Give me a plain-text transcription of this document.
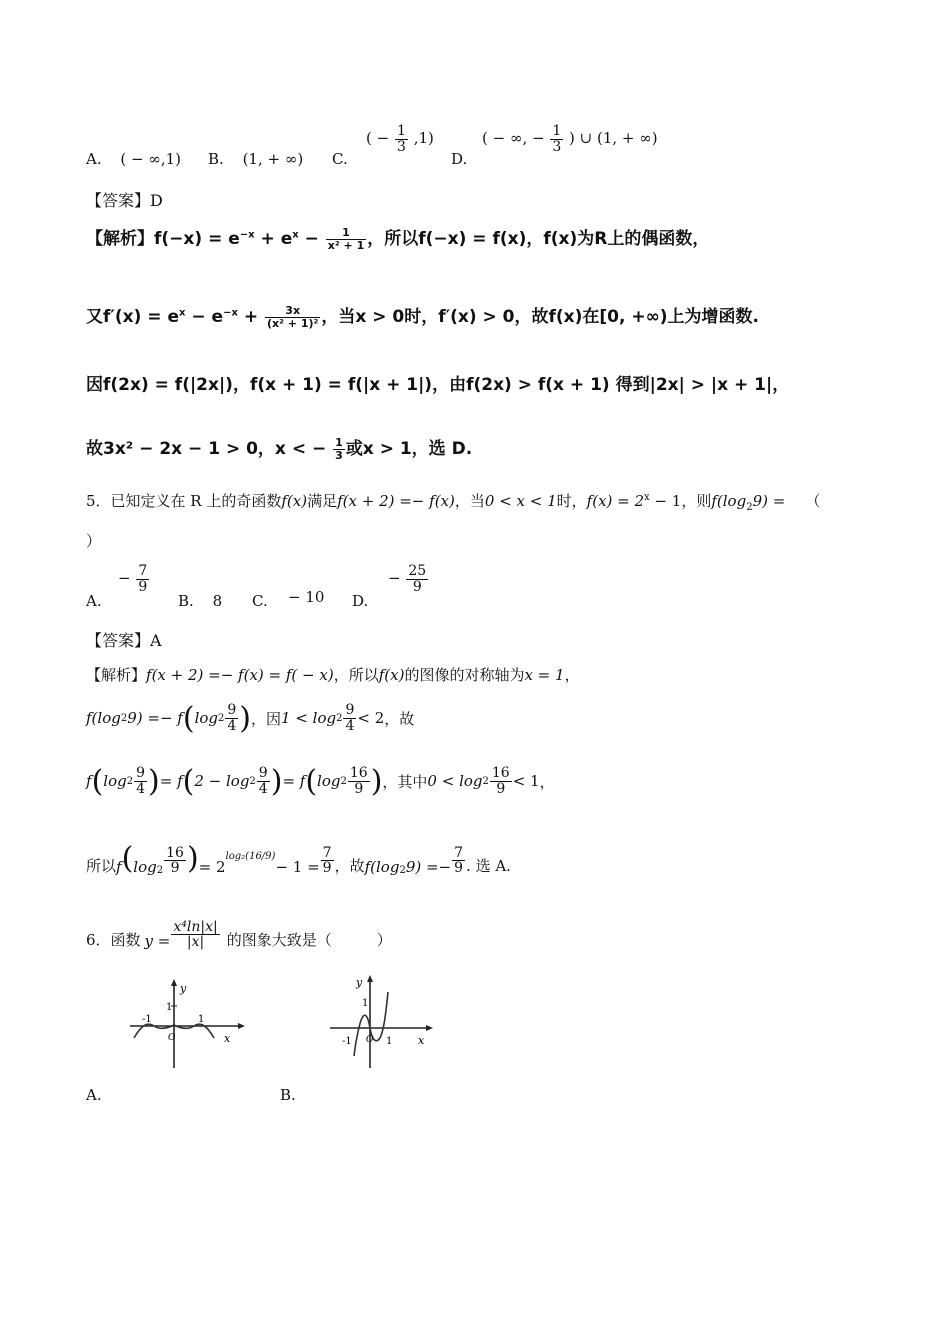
A. ( − ∞,1) B. (1, + ∞) C.
( − $\frac{1}{3} ,1$)
D.
( − ∞, − $\frac{1}{3}$ ) ∪ (1, + ∞)
【答案】D
【解析】$f(-x) = e^{-x} + e^x - \frac{1}{\text{x² + 1}}$ ，所以f(−x) = f(x)，f(x)为R上的偶函数，
又$f'(x) = e^x - e^{-x} + \frac{3x}{\text{(x² + 1)²}}$ ，当x > 0时，f′(x) > 0，故f(x)在[0, +∞)上为增函数.
因f(2x) = f(|2x|)，f(x + 1) = f(|x + 1|)，由f(2x) > f(x + 1) 得到|2x| > |x + 1|，
故3x² − 2x − 1 > 0，x < − $\frac{1}{3}$ 或x > 1，选 D.
5．已知定义在 R 上的奇函数f(x)满足f(x + 2) =− f(x)，当0 < x < 1时，$f(x) = 2^x - 1$，则$f(\log_29)$ = （
）
A.
− $\frac{7}{9}$
B. 8 C. − 10 D.
− $\frac{25}{9}$
【答案】A
【解析】f(x + 2) =− f(x) = f( − x)，所以f(x)的图像的对称轴为x = 1，
f(log 2 9) =− f ( $\log 2 \frac{9}{4}$ ) ，因 $1 < \log 2 \frac{9}{4} < 2$ ，故
f ( $\log 2 \frac{9}{4}$ ) = f ( $2 - \log 2 \frac{9}{4}$ ) = f ( $\log 2 \frac{16}{9}$ ) ，其中 $0 < \log 2 \frac{16}{9} < 1$ ，
所以 f ( $\log_2 \frac{16}{9}$ ) = 2
$^{log_2(16/9)}$
− $1 = \frac{7}{9}$ ，故 $f(\log_2$ $9) =- \frac{7}{9}$ . 选 A.
6．函数 $y = \frac{\text{x⁴ln|x|}}{|x|}$ 的图象大致是（　　　）
y
1
-1	1
O	x
y
1
-1	1
O	x
A.	B.
